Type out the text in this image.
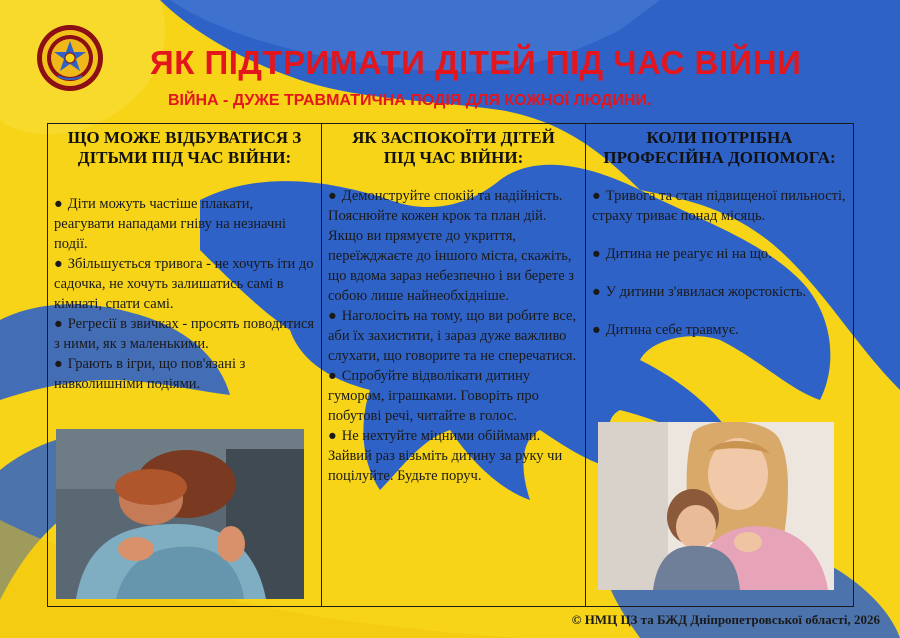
ЯК ПІДТРИМАТИ ДІТЕЙ ПІД ЧАС ВІЙНИ
ВІЙНА - ДУЖЕ ТРАВМАТИЧНА ПОДІЯ ДЛЯ КОЖНОЇ ЛЮДИНИ.
ЩО МОЖЕ ВІДБУВАТИСЯ З
ДІТЬМИ ПІД ЧАС ВІЙНИ:
● Діти можуть частіше плакати, реагувати нападами гніву на незначні події.
● Збільшується тривога - не хочуть іти до садочка, не хочуть залишатись самі в кімнаті, спати самі.
● Регресії в звичках - просять поводитися з ними, як з маленькими.
● Грають в ігри, що пов'язані з навколишніми подіями.
ЯК ЗАСПОКОЇТИ ДІТЕЙ
ПІД ЧАС ВІЙНИ:
● Демонструйте спокій та надійність. Пояснюйте кожен крок та план дій. Якщо ви прямуєте до укриття, переїжджаєте до іншого міста, скажіть, що вдома зараз небезпечно і ви берете з собою лише найнеобхідніше.
● Наголосіть на тому, що ви робите все, аби їх захистити, і зараз дуже важливо слухати, що говорите та не сперечатися.
● Спробуйте відволікати дитину гумором, іграшками. Говоріть про побутові речі, читайте в голос.
● Не нехтуйте міцними обіймами. Зайвий раз візьміть дитину за руку чи поцілуйте. Будьте поруч.
КОЛИ ПОТРІБНА
ПРОФЕСІЙНА ДОПОМОГА:
● Тривога та стан підвищеної пильності, страху триває понад місяць.
● Дитина не реагує ні на що.
● У дитини з'явилася жорстокість.
● Дитина себе травмує.
© НМЦ ЦЗ та БЖД Дніпропетровської області, 2026
